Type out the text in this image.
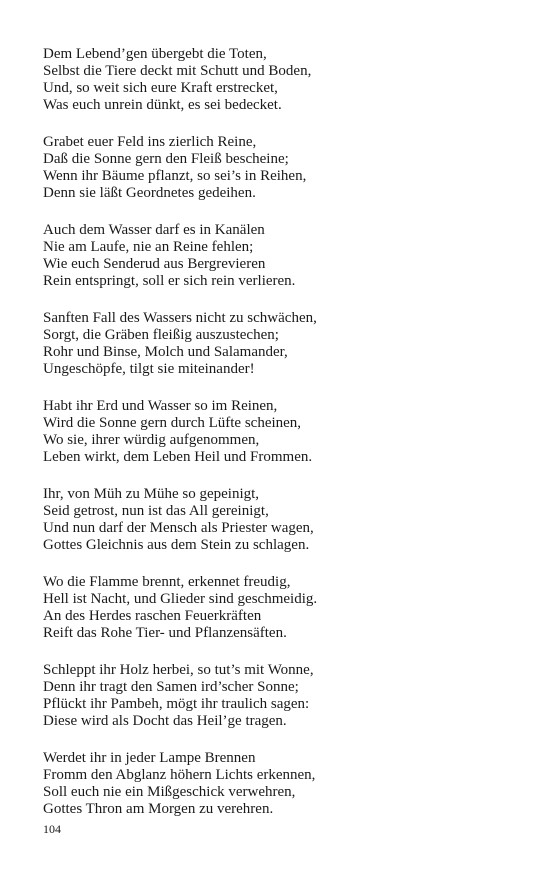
Dem Lebend’gen übergebt die Toten,
Selbst die Tiere deckt mit Schutt und Boden,
Und, so weit sich eure Kraft erstrecket,
Was euch unrein dünkt, es sei bedecket.
Grabet euer Feld ins zierlich Reine,
Daß die Sonne gern den Fleiß bescheine;
Wenn ihr Bäume pflanzt, so sei’s in Reihen,
Denn sie läßt Geordnetes gedeihen.
Auch dem Wasser darf es in Kanälen
Nie am Laufe, nie an Reine fehlen;
Wie euch Senderud aus Bergrevieren
Rein entspringt, soll er sich rein verlieren.
Sanften Fall des Wassers nicht zu schwächen,
Sorgt, die Gräben fleißig auszustechen;
Rohr und Binse, Molch und Salamander,
Ungeschöpfe, tilgt sie miteinander!
Habt ihr Erd und Wasser so im Reinen,
Wird die Sonne gern durch Lüfte scheinen,
Wo sie, ihrer würdig aufgenommen,
Leben wirkt, dem Leben Heil und Frommen.
Ihr, von Müh zu Mühe so gepeinigt,
Seid getrost, nun ist das All gereinigt,
Und nun darf der Mensch als Priester wagen,
Gottes Gleichnis aus dem Stein zu schlagen.
Wo die Flamme brennt, erkennet freudig,
Hell ist Nacht, und Glieder sind geschmeidig.
An des Herdes raschen Feuerkräften
Reift das Rohe Tier- und Pflanzensäften.
Schleppt ihr Holz herbei, so tut’s mit Wonne,
Denn ihr tragt den Samen ird’scher Sonne;
Pflückt ihr Pambeh, mögt ihr traulich sagen:
Diese wird als Docht das Heil’ge tragen.
Werdet ihr in jeder Lampe Brennen
Fromm den Abglanz höhern Lichts erkennen,
Soll euch nie ein Mißgeschick verwehren,
Gottes Thron am Morgen zu verehren.
104
